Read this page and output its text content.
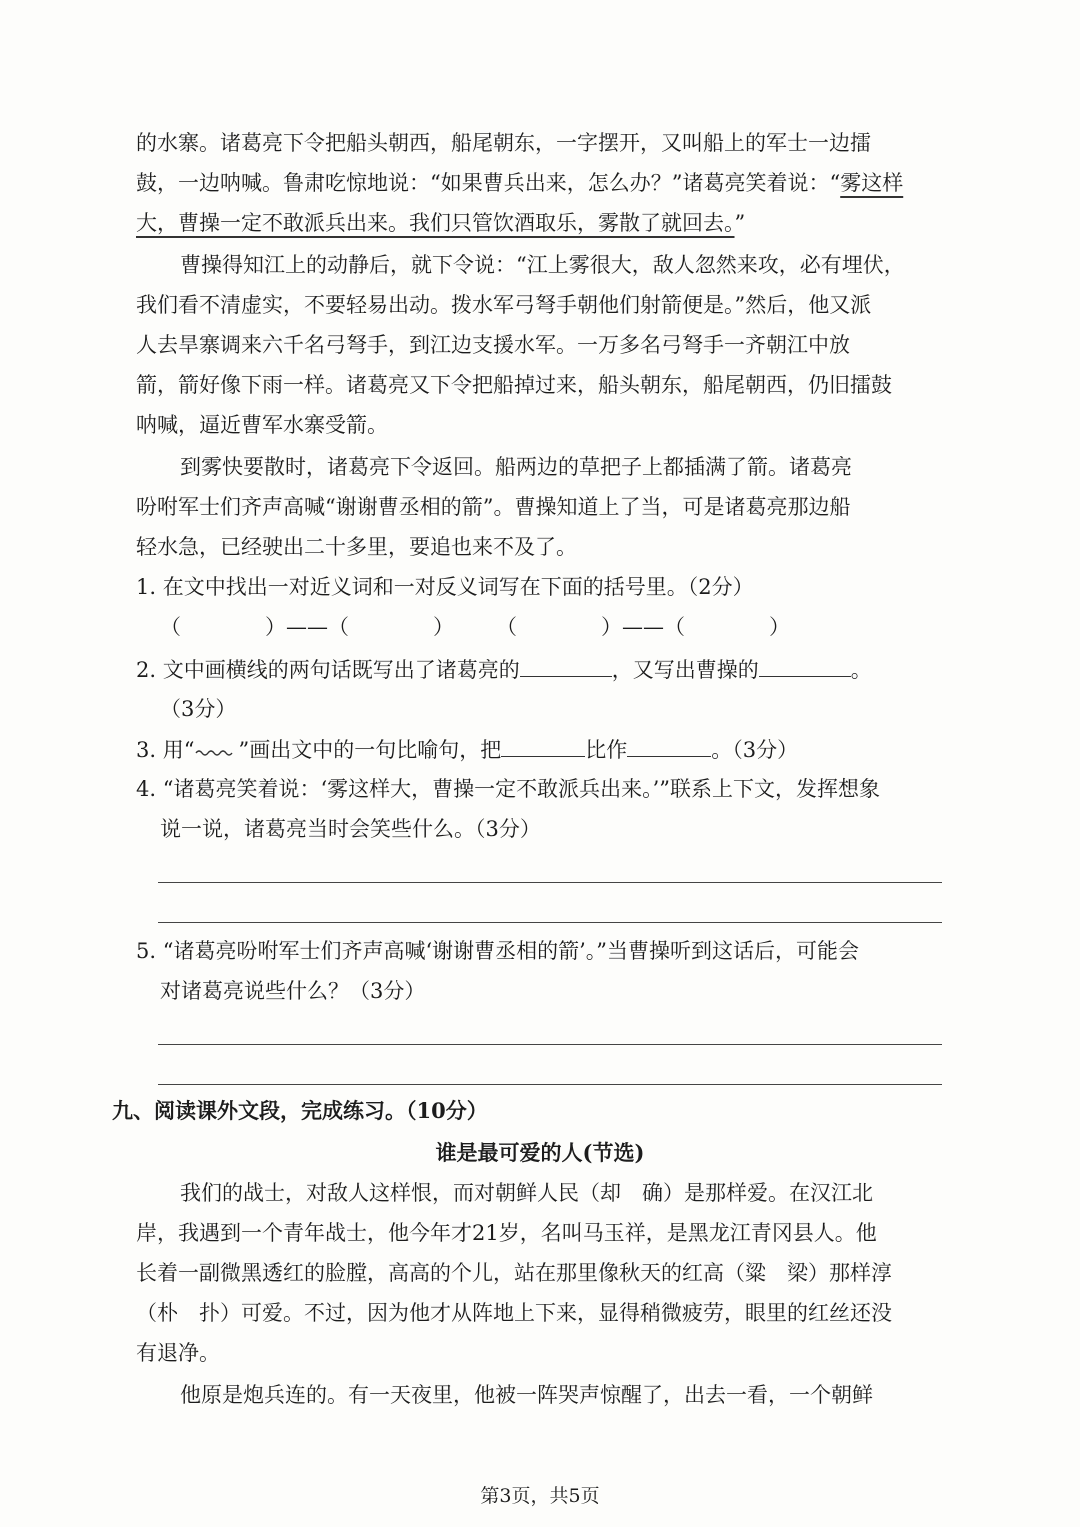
的水寨。诸葛亮下令把船头朝西，船尾朝东，一字摆开，又叫船上的军士一边擂
鼓，一边呐喊。鲁肃吃惊地说：“如果曹兵出来，怎么办？”诸葛亮笑着说：“雾这样
大，曹操一定不敢派兵出来。我们只管饮酒取乐，雾散了就回去。”
曹操得知江上的动静后，就下令说：“江上雾很大，敌人忽然来攻，必有埋伏，
我们看不清虚实，不要轻易出动。拨水军弓弩手朝他们射箭便是。”然后，他又派
人去旱寨调来六千名弓弩手，到江边支援水军。一万多名弓弩手一齐朝江中放
箭，箭好像下雨一样。诸葛亮又下令把船掉过来，船头朝东，船尾朝西，仍旧擂鼓
呐喊，逼近曹军水寨受箭。
到雾快要散时，诸葛亮下令返回。船两边的草把子上都插满了箭。诸葛亮
吩咐军士们齐声高喊“谢谢曹丞相的箭”。曹操知道上了当，可是诸葛亮那边船
轻水急，已经驶出二十多里，要追也来不及了。
1. 在文中找出一对近义词和一对反义词写在下面的括号里。（2分）
（　　　　）——（　　　　）　　　（　　　　）——（　　　　）
2. 文中画横线的两句话既写出了诸葛亮的	，又写出曹操的	。
（3分）
3. 用“ ”画出文中的一句比喻句，把	比作	。（3分）
4. “诸葛亮笑着说：‘雾这样大，曹操一定不敢派兵出来。’”联系上下文，发挥想象
说一说，诸葛亮当时会笑些什么。（3分）
5. “诸葛亮吩咐军士们齐声高喊‘谢谢曹丞相的箭’。”当曹操听到这话后，可能会
对诸葛亮说些什么？（3分）
九、阅读课外文段，完成练习。（10分）
谁是最可爱的人(节选)
我们的战士，对敌人这样恨，而对朝鲜人民（却　确）是那样爱。在汉江北
岸，我遇到一个青年战士，他今年才21岁，名叫马玉祥，是黑龙江青冈县人。他
长着一副微黑透红的脸膛，高高的个儿，站在那里像秋天的红高（粱　梁）那样淳
（朴　扑）可爱。不过，因为他才从阵地上下来，显得稍微疲劳，眼里的红丝还没
有退净。
他原是炮兵连的。有一天夜里，他被一阵哭声惊醒了，出去一看，一个朝鲜
第3页，共5页
